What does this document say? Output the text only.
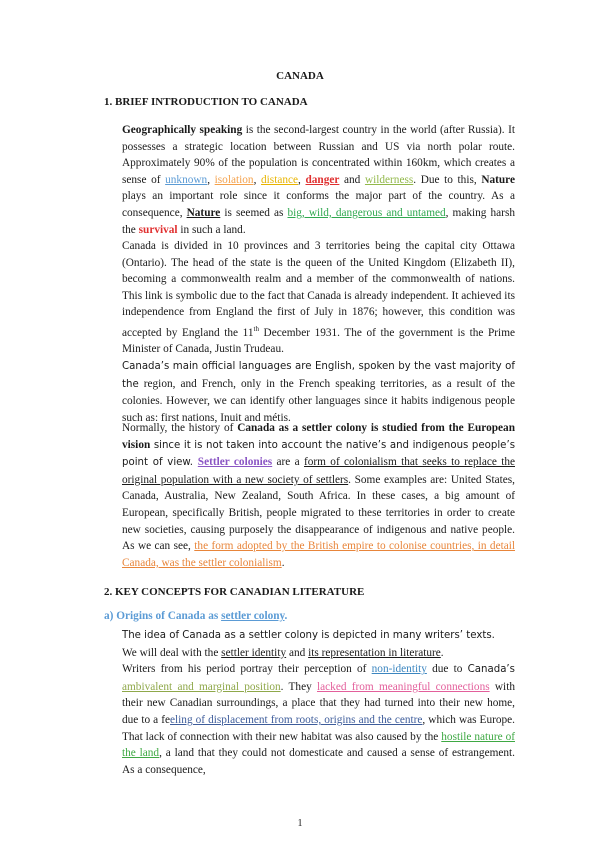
CANADA
1. BRIEF INTRODUCTION TO CANADA
Geographically speaking is the second-largest country in the world (after Russia). It possesses a strategic location between Russian and US via north polar route. Approximately 90% of the population is concentrated within 160km, which creates a sense of unknown, isolation, distance, danger and wilderness. Due to this, Nature plays an important role since it conforms the major part of the country. As a consequence, Nature is seemed as big, wild, dangerous and untamed, making harsh the survival in such a land.
Canada is divided in 10 provinces and 3 territories being the capital city Ottawa (Ontario). The head of the state is the queen of the United Kingdom (Elizabeth II), becoming a commonwealth realm and a member of the commonwealth of nations. This link is symbolic due to the fact that Canada is already independent. It achieved its independence from England the first of July in 1876; however, this condition was accepted by England the 11th December 1931. The of the government is the Prime Minister of Canada, Justin Trudeau.
Canada’s main official languages are English, spoken by the vast majority of the region, and French, only in the French speaking territories, as a result of the colonies. However, we can identify other languages since it habits indigenous people such as: first nations, Inuit and métis.
Normally, the history of Canada as a settler colony is studied from the European vision since it is not taken into account the native’s and indigenous people’s point of view. Settler colonies are a form of colonialism that seeks to replace the original population with a new society of settlers. Some examples are: United States, Canada, Australia, New Zealand, South Africa. In these cases, a big amount of European, specifically British, people migrated to these territories in order to create new societies, causing purposely the disappearance of indigenous and native people. As we can see, the form adopted by the British empire to colonise countries, in detail Canada, was the settler colonialism.
2. KEY CONCEPTS FOR CANADIAN LITERATURE
a) Origins of Canada as settler colony.
The idea of Canada as a settler colony is depicted in many writers’ texts.
We will deal with the settler identity and its representation in literature.
Writers from his period portray their perception of non-identity due to Canada’s ambivalent and marginal position. They lacked from meaningful connections with their new Canadian surroundings, a place that they had turned into their new home, due to a feeling of displacement from roots, origins and the centre, which was Europe. That lack of connection with their new habitat was also caused by the hostile nature of the land, a land that they could not domesticate and caused a sense of estrangement. As a consequence,
1
